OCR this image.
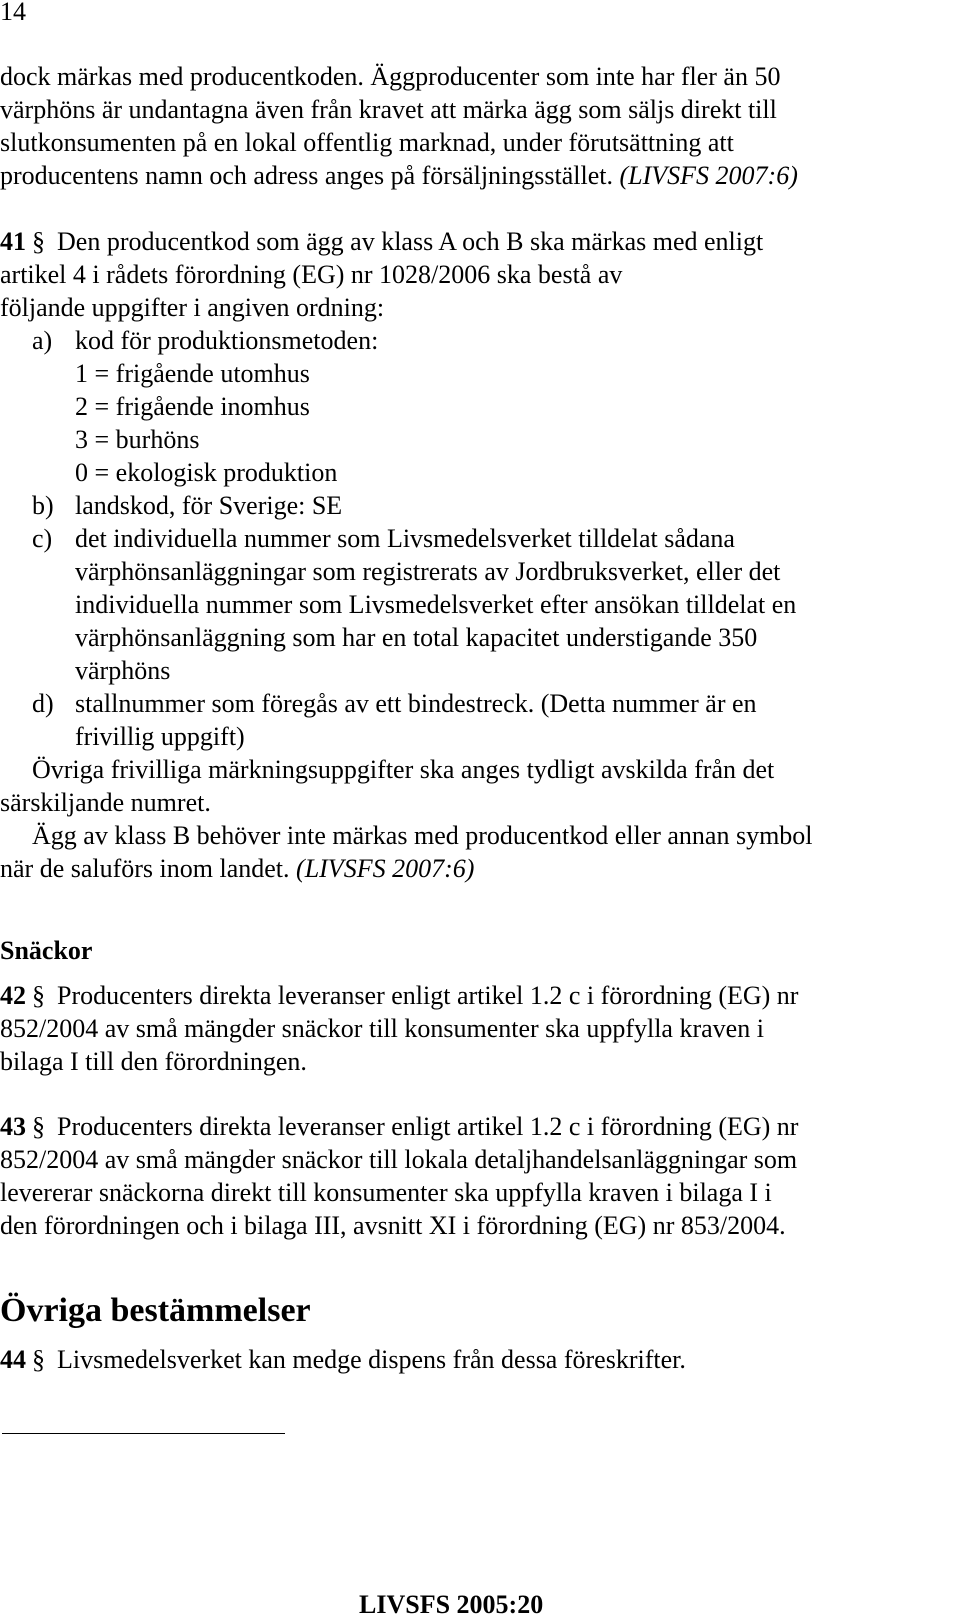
14
dock märkas med producentkoden. Äggproducenter som inte har fler än 50
värphöns är undantagna även från kravet att märka ägg som säljs direkt till
slutkonsumenten på en lokal offentlig marknad, under förutsättning att
producentens namn och adress anges på försäljningsstället. (LIVSFS 2007:6)
41 § Den producentkod som ägg av klass A och B ska märkas med enligt
artikel 4 i rådets förordning (EG) nr 1028/2006 ska bestå av
följande uppgifter i angiven ordning:
a) kod för produktionsmetoden:
1 = frigående utomhus
2 = frigående inomhus
3 = burhöns
0 = ekologisk produktion
b) landskod, för Sverige: SE
c) det individuella nummer som Livsmedelsverket tilldelat sådana
värphönsanläggningar som registrerats av Jordbruksverket, eller det
individuella nummer som Livsmedelsverket efter ansökan tilldelat en
värphönsanläggning som har en total kapacitet understigande 350
värphöns
d) stallnummer som föregås av ett bindestreck. (Detta nummer är en
frivillig uppgift)
Övriga frivilliga märkningsuppgifter ska anges tydligt avskilda från det
särskiljande numret.
Ägg av klass B behöver inte märkas med producentkod eller annan symbol
när de saluförs inom landet. (LIVSFS 2007:6)
Snäckor
42 § Producenters direkta leveranser enligt artikel 1.2 c i förordning (EG) nr
852/2004 av små mängder snäckor till konsumenter ska uppfylla kraven i
bilaga I till den förordningen.
43 § Producenters direkta leveranser enligt artikel 1.2 c i förordning (EG) nr
852/2004 av små mängder snäckor till lokala detaljhandelsanläggningar som
levererar snäckorna direkt till konsumenter ska uppfylla kraven i bilaga I i
den förordningen och i bilaga III, avsnitt XI i förordning (EG) nr 853/2004.
Övriga bestämmelser
44 § Livsmedelsverket kan medge dispens från dessa föreskrifter.
LIVSFS 2005:20
